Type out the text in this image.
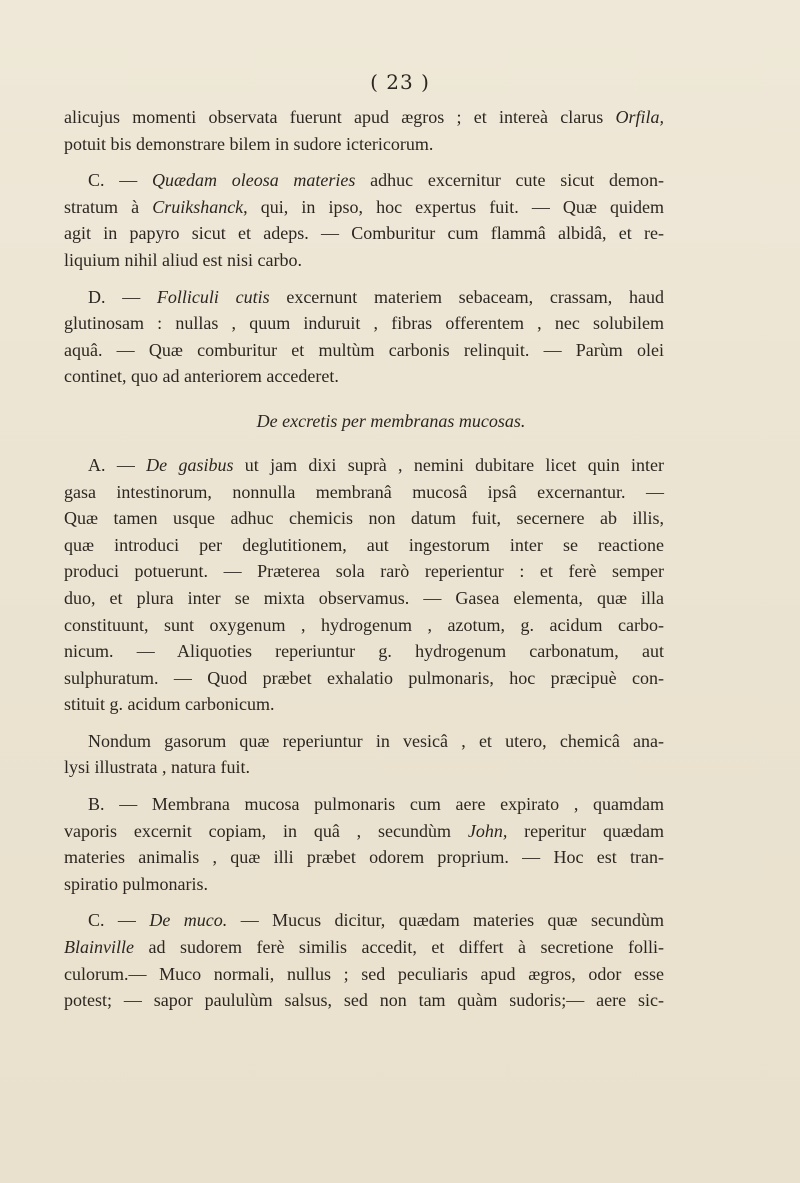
( 23 )
alicujus momenti observata fuerunt apud ægros ; et intereà clarus Orfila,
potuit bis demonstrare bilem in sudore ictericorum.
C. — Quædam oleosa materies adhuc excernitur cute sicut demon-
stratum à Cruikshanck, qui, in ipso, hoc expertus fuit. — Quæ quidem
agit in papyro sicut et adeps. — Comburitur cum flammâ albidâ, et re-
liquium nihil aliud est nisi carbo.
D. — Folliculi cutis excernunt materiem sebaceam, crassam, haud
glutinosam : nullas , quum induruit , fibras offerentem , nec solubilem
aquâ. — Quæ comburitur et multùm carbonis relinquit. — Parùm olei
continet, quo ad anteriorem accederet.
De excretis per membranas mucosas.
A. — De gasibus ut jam dixi suprà , nemini dubitare licet quin inter
gasa intestinorum, nonnulla membranâ mucosâ ipsâ excernantur. —
Quæ tamen usque adhuc chemicis non datum fuit, secernere ab illis,
quæ introduci per deglutitionem, aut ingestorum inter se reactione
produci potuerunt. — Præterea sola rarò reperientur : et ferè semper
duo, et plura inter se mixta observamus. — Gasea elementa, quæ illa
constituunt, sunt oxygenum , hydrogenum , azotum, g. acidum carbo-
nicum. — Aliquoties reperiuntur g. hydrogenum carbonatum, aut
sulphuratum. — Quod præbet exhalatio pulmonaris, hoc præcipuè con-
stituit g. acidum carbonicum.
Nondum gasorum quæ reperiuntur in vesicâ , et utero, chemicâ ana-
lysi illustrata , natura fuit.
B. — Membrana mucosa pulmonaris cum aere expirato , quamdam
vaporis excernit copiam, in quâ , secundùm John, reperitur quædam
materies animalis , quæ illi præbet odorem proprium. — Hoc est tran-
spiratio pulmonaris.
C. — De muco. — Mucus dicitur, quædam materies quæ secundùm
Blainville ad sudorem ferè similis accedit, et differt à secretione folli-
culorum.— Muco normali, nullus ; sed peculiaris apud ægros, odor esse
potest; — sapor paululùm salsus, sed non tam quàm sudoris;— aere sic-
